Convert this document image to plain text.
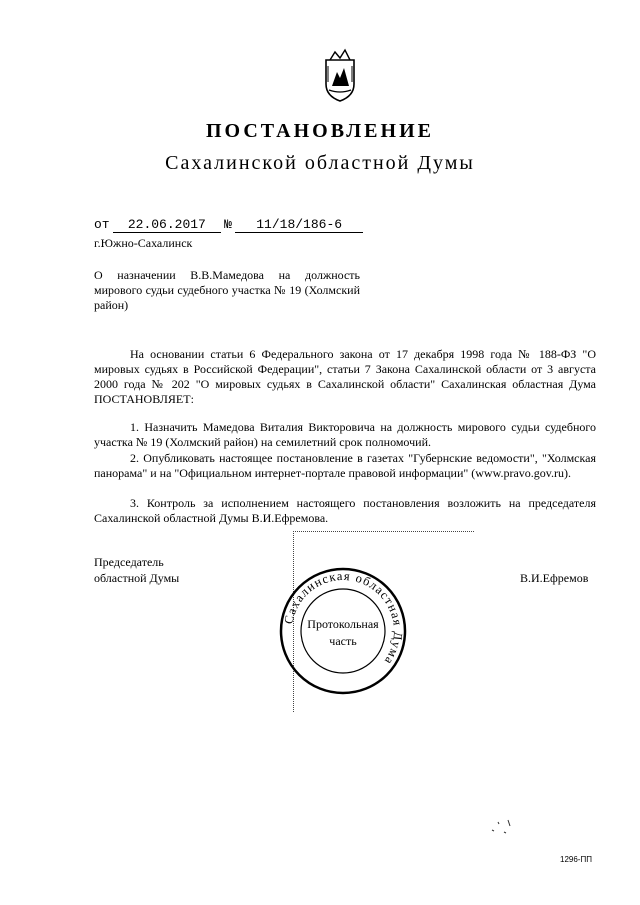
ПОСТАНОВЛЕНИЕ
Сахалинской областной Думы
от 22.06.2017 № 11/18/186-6
г.Южно-Сахалинск
О назначении В.В.Мамедова на должность мирового судьи судебного участка № 19 (Холмский район)
На основании статьи 6 Федерального закона от 17 декабря 1998 года № 188-ФЗ "О мировых судьях в Российской Федерации", статьи 7 Закона Сахалинской области от 3 августа 2000 года № 202 "О мировых судьях в Сахалинской области" Сахалинская областная Дума ПОСТАНОВЛЯЕТ:
1. Назначить Мамедова Виталия Викторовича на должность мирового судьи судебного участка № 19 (Холмский район) на семилетний срок полномочий.
2. Опубликовать настоящее постановление в газетах "Губернские ведомости", "Холмская панорама" и на "Официальном интернет-портале правовой информации" (www.pravo.gov.ru).
3. Контроль за исполнением настоящего постановления возложить на председателя Сахалинской областной Думы В.И.Ефремова.
Председатель
областной Думы	В.И.Ефремов
Сахалинская областная Дума
Протокольная
часть
1296-ПП
